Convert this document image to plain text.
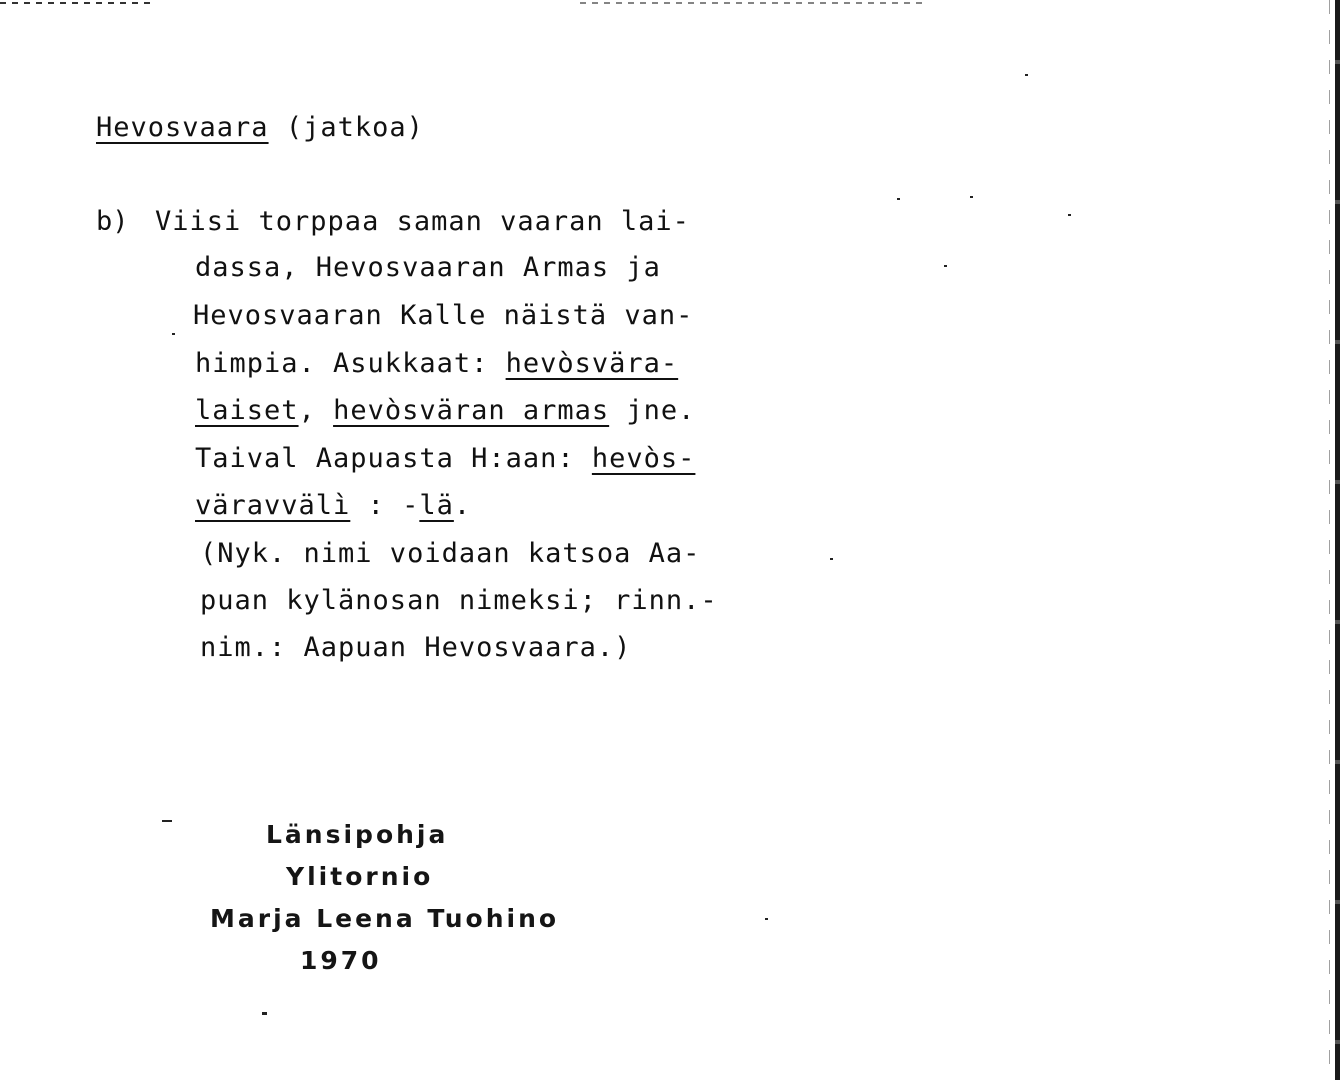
Hevosvaara (jatkoa)
b) Viisi torppaa saman vaaran lai-
dassa, Hevosvaaran Armas ja
Hevosvaaran Kalle näistä van-
himpia. Asukkaat: hevòsvära-
laiset, hevòsväran armas jne.
Taival Aapuasta H:aan: hevòs-
väravvälì : -lä.
(Nyk. nimi voidaan katsoa Aa-
puan kylänosan nimeksi; rinn.-
nim.: Aapuan Hevosvaara.)
Länsipohja
Ylitornio
Marja Leena Tuohino
1970
